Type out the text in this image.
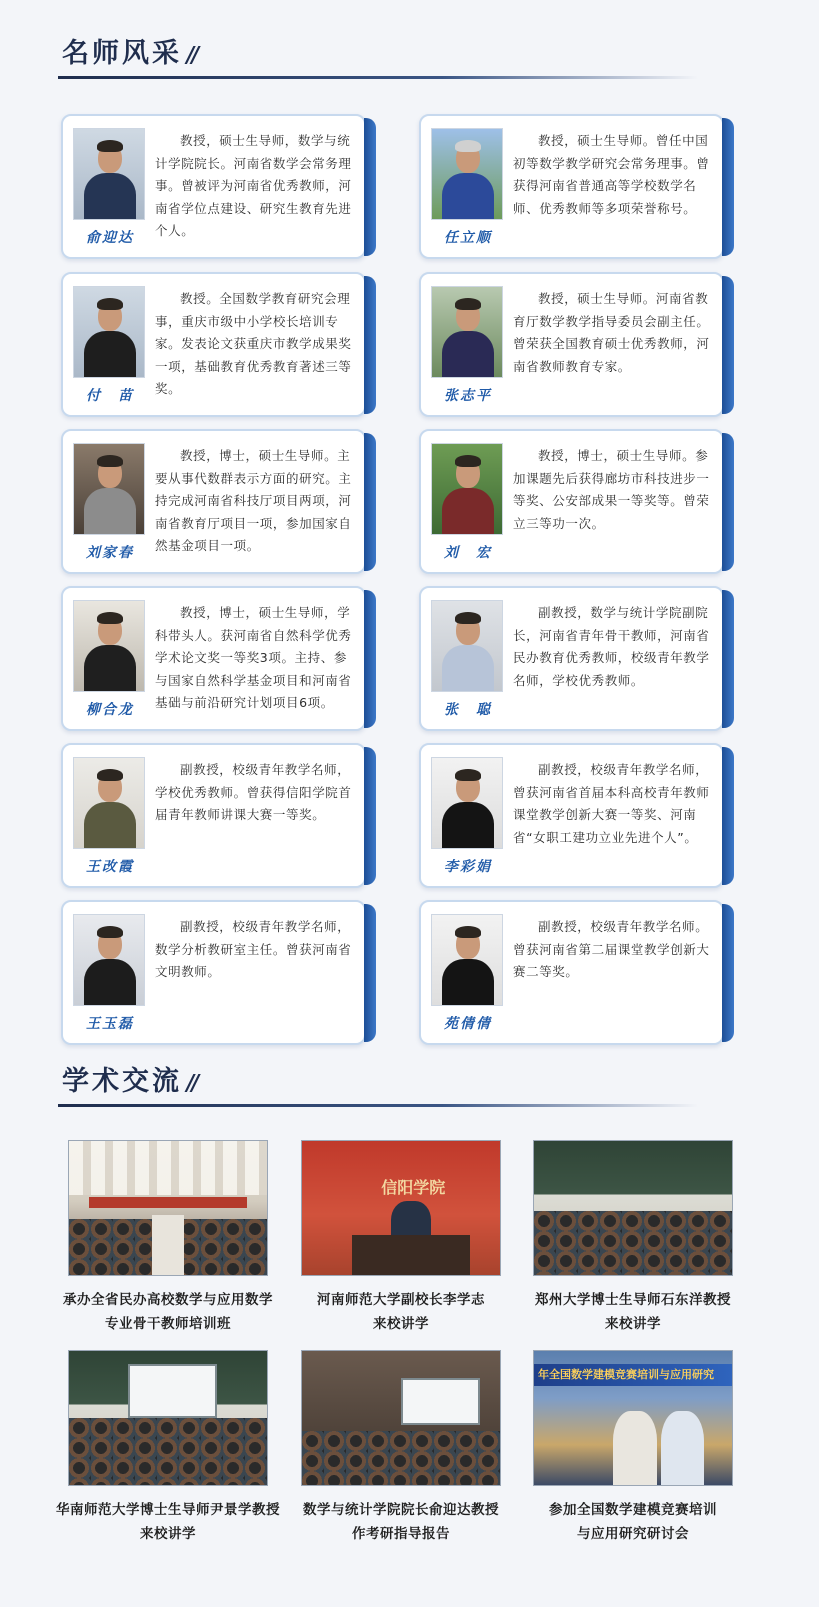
名师风采//
俞迎达
教授，硕士生导师，数学与统计学院院长。河南省数学会常务理事。曾被评为河南省优秀教师，河南省学位点建设、研究生教育先进个人。	任立顺
教授，硕士生导师。曾任中国初等数学教学研究会常务理事。曾获得河南省普通高等学校数学名师、优秀教师等多项荣誉称号。
付　苗
教授。全国数学教育研究会理事，重庆市级中小学校长培训专家。发表论文获重庆市教学成果奖一项，基础教育优秀教育著述三等奖。	张志平
教授，硕士生导师。河南省教育厅数学教学指导委员会副主任。曾荣获全国教育硕士优秀教师，河南省教师教育专家。
刘家春
教授，博士，硕士生导师。主要从事代数群表示方面的研究。主持完成河南省科技厅项目两项，河南省教育厅项目一项，参加国家自然基金项目一项。	刘　宏
教授，博士，硕士生导师。参加课题先后获得廊坊市科技进步一等奖、公安部成果一等奖等。曾荣立三等功一次。
柳合龙
教授，博士，硕士生导师，学科带头人。获河南省自然科学优秀学术论文奖一等奖3项。主持、参与国家自然科学基金项目和河南省基础与前沿研究计划项目6项。	张　聪
副教授，数学与统计学院副院长，河南省青年骨干教师，河南省民办教育优秀教师，校级青年教学名师，学校优秀教师。
王改霞
副教授，校级青年教学名师，学校优秀教师。曾获得信阳学院首届青年教师讲课大赛一等奖。
李彩娟
副教授，校级青年教学名师，曾获河南省首届本科高校青年教师课堂教学创新大赛一等奖、河南省“女职工建功立业先进个人”。
王玉磊
副教授，校级青年教学名师，数学分析教研室主任。曾获河南省文明教师。
苑倩倩
副教授，校级青年教学名师。曾获河南省第二届课堂教学创新大赛二等奖。
学术交流//
承办全省民办高校数学与应用数学
专业骨干教师培训班
信阳学院
河南师范大学副校长李学志
来校讲学
郑州大学博士生导师石东洋教授
来校讲学
华南师范大学博士生导师尹景学教授
来校讲学
数学与统计学院院长俞迎达教授
作考研指导报告
年全国数学建模竞赛培训与应用研究
参加全国数学建模竞赛培训
与应用研究研讨会
